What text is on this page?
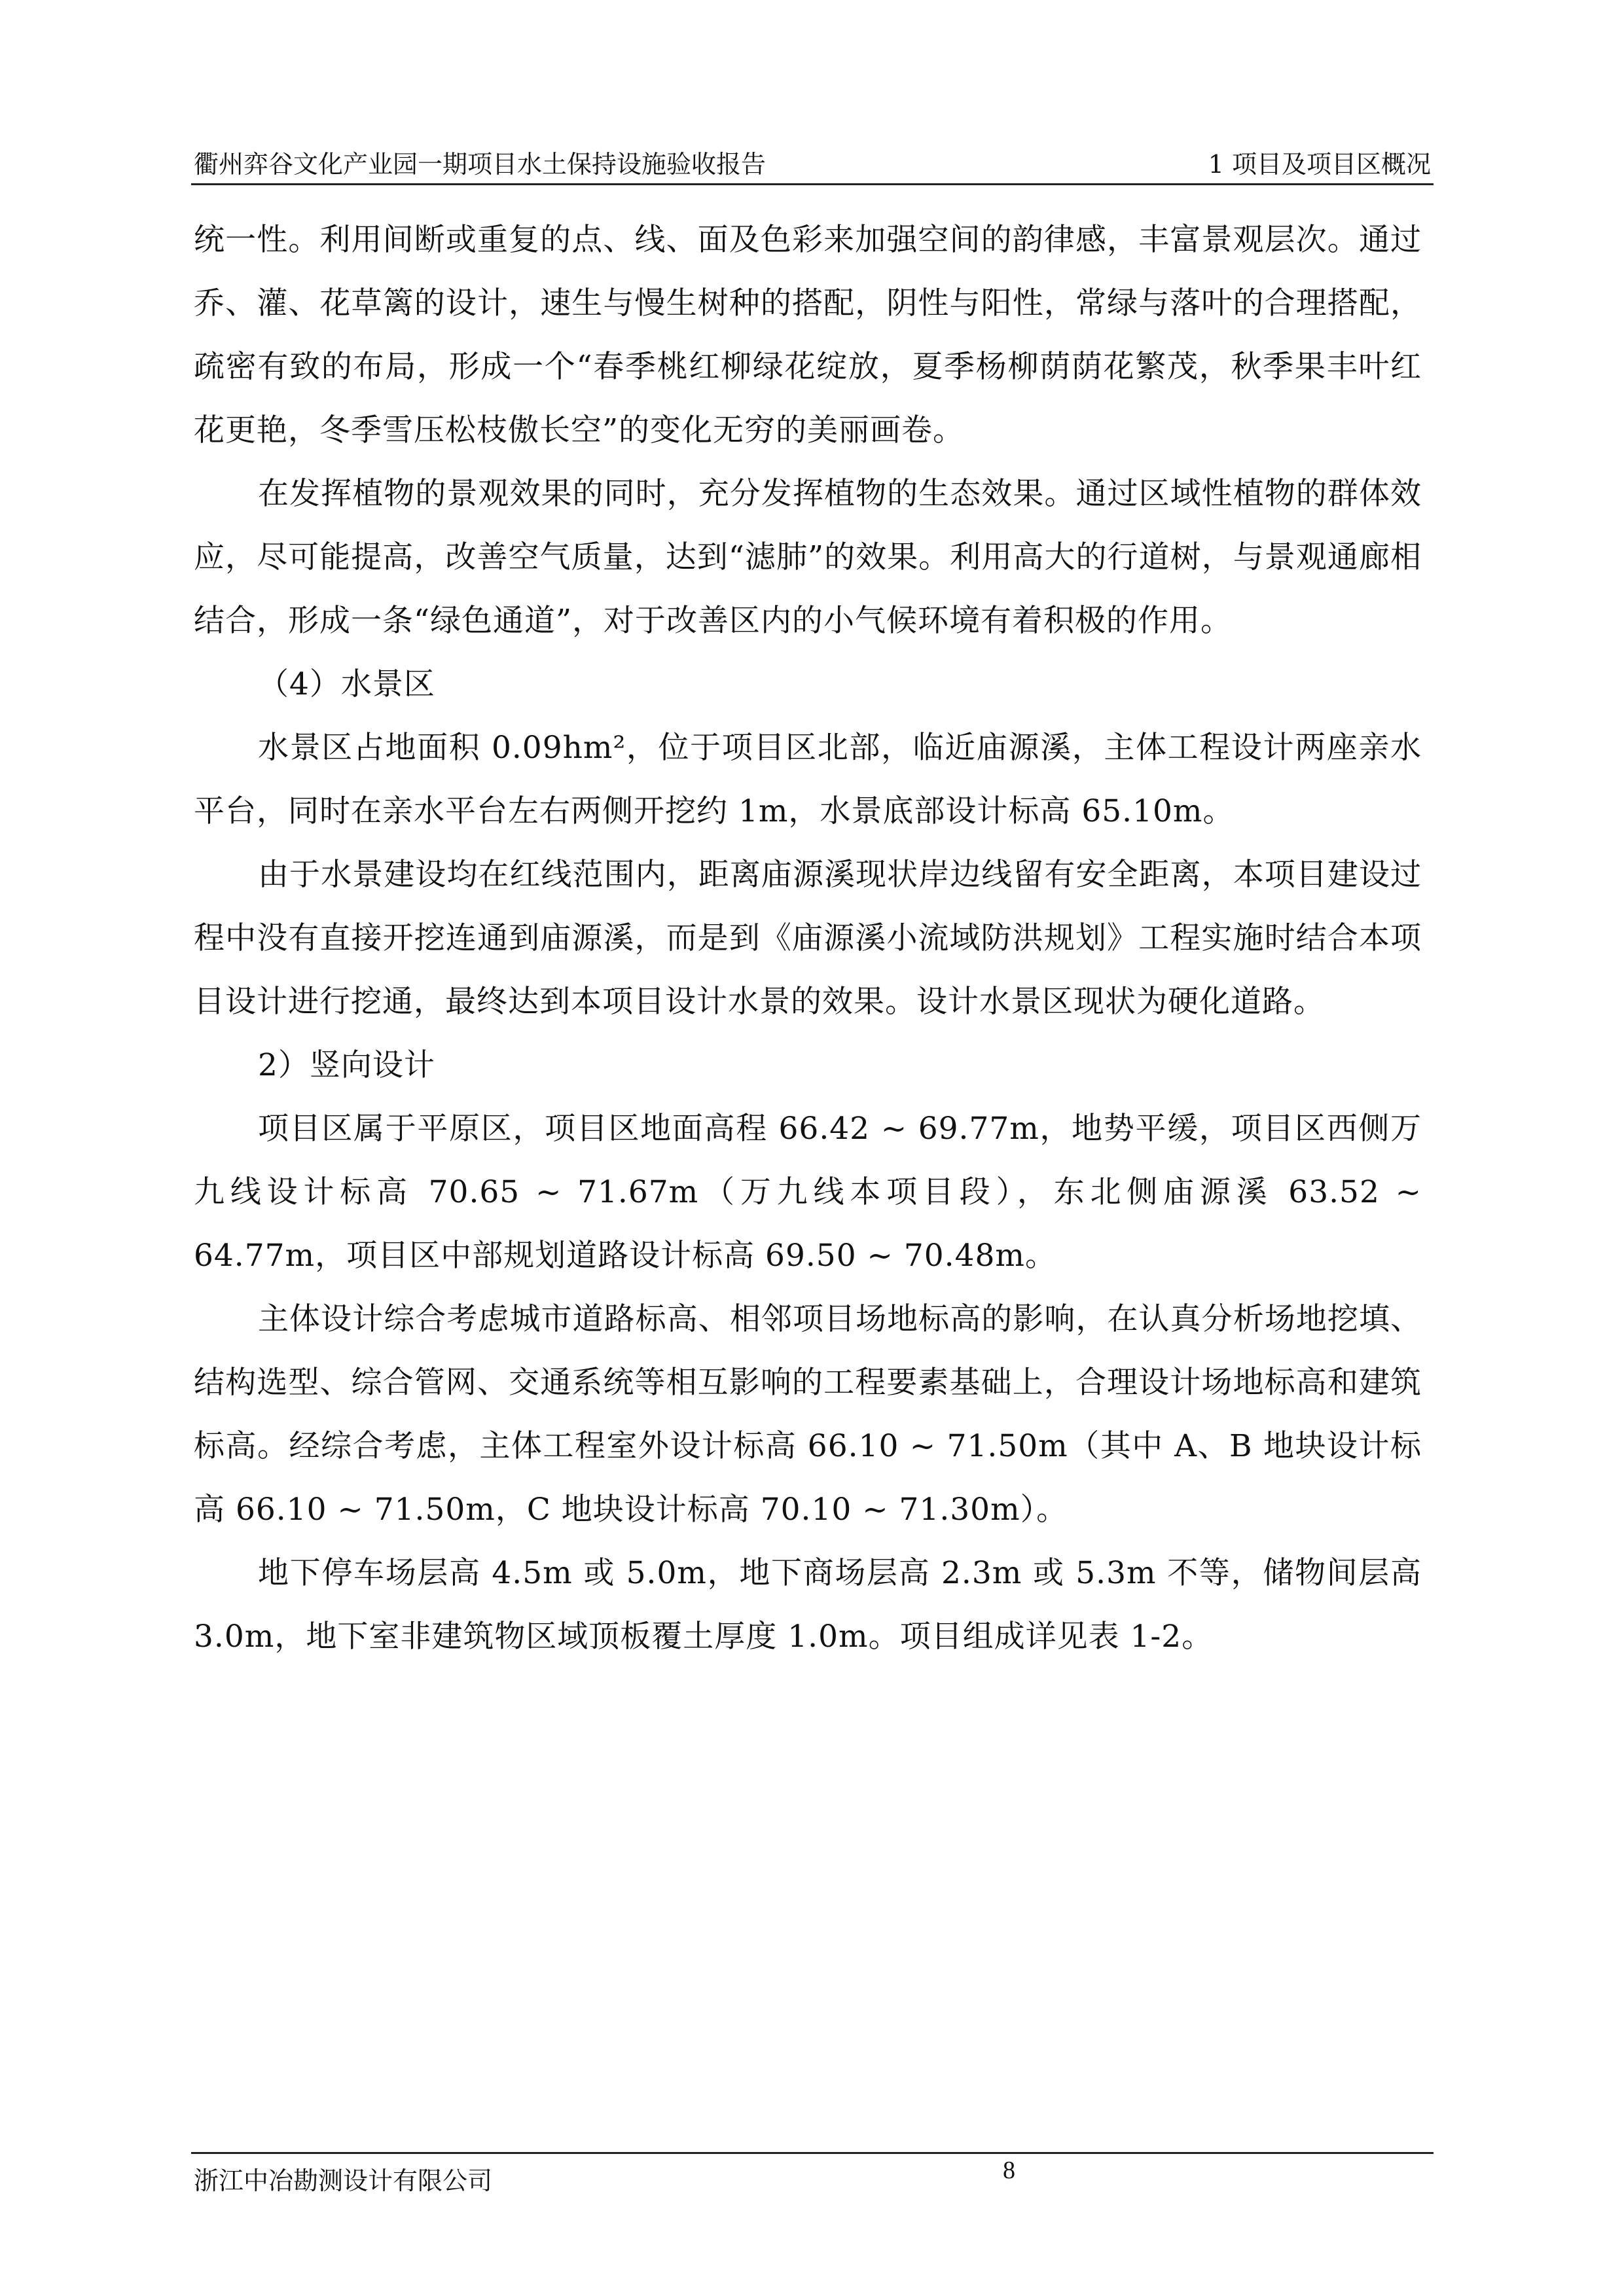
衢州弈谷文化产业园一期项目水土保持设施验收报告	1 项目及项目区概况

统一性。利用间断或重复的点、线、面及色彩来加强空间的韵律感，丰富景观层次。通过乔、灌、花草篱的设计，速生与慢生树种的搭配，阴性与阳性，常绿与落叶的合理搭配，疏密有致的布局，形成一个“春季桃红柳绿花绽放，夏季杨柳荫荫花繁茂，秋季果丰叶红花更艳，冬季雪压松枝傲长空”的变化无穷的美丽画卷。

在发挥植物的景观效果的同时，充分发挥植物的生态效果。通过区域性植物的群体效应，尽可能提高，改善空气质量，达到“滤肺”的效果。利用高大的行道树，与景观通廊相结合，形成一条“绿色通道”，对于改善区内的小气候环境有着积极的作用。

（4）水景区

水景区占地面积 0.09hm²，位于项目区北部，临近庙源溪，主体工程设计两座亲水平台，同时在亲水平台左右两侧开挖约 1m，水景底部设计标高 65.10m。

由于水景建设均在红线范围内，距离庙源溪现状岸边线留有安全距离，本项目建设过程中没有直接开挖连通到庙源溪，而是到《庙源溪小流域防洪规划》工程实施时结合本项目设计进行挖通，最终达到本项目设计水景的效果。设计水景区现状为硬化道路。

2）竖向设计

项目区属于平原区，项目区地面高程 66.42 ~ 69.77m，地势平缓，项目区西侧万九线设计标高 70.65 ~ 71.67m（万九线本项目段），东北侧庙源溪 63.52 ~ 64.77m，项目区中部规划道路设计标高 69.50 ~ 70.48m。

主体设计综合考虑城市道路标高、相邻项目场地标高的影响，在认真分析场地挖填、结构选型、综合管网、交通系统等相互影响的工程要素基础上，合理设计场地标高和建筑标高。经综合考虑，主体工程室外设计标高 66.10 ~ 71.50m（其中 A、B 地块设计标高 66.10 ~ 71.50m，C 地块设计标高 70.10 ~ 71.30m）。

地下停车场层高 4.5m 或 5.0m，地下商场层高 2.3m 或 5.3m 不等，储物间层高 3.0m，地下室非建筑物区域顶板覆土厚度 1.0m。项目组成详见表 1-2。

浙江中冶勘测设计有限公司	8
